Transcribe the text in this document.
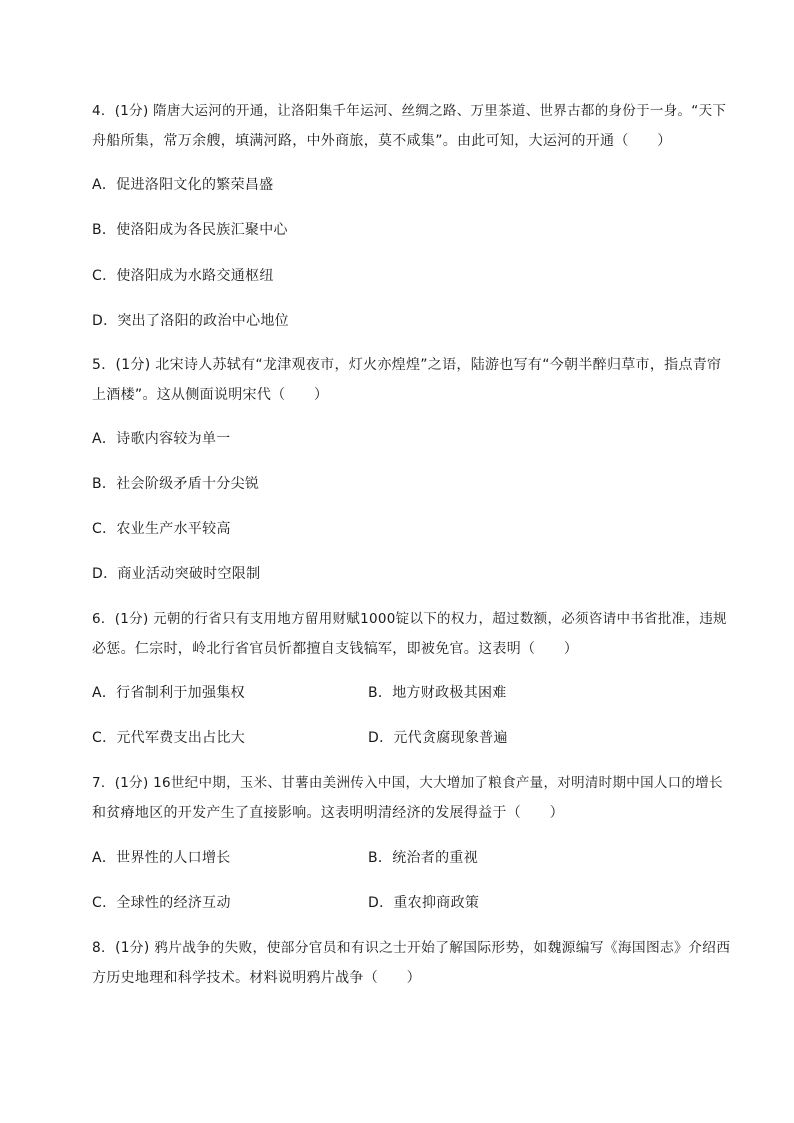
4．(1分) 隋唐大运河的开通，让洛阳集千年运河、丝绸之路、万里茶道、世界古都的身份于一身。“天下
舟船所集，常万余艘，填满河路，中外商旅，莫不咸集”。由此可知，大运河的开通（　　）
A．促进洛阳文化的繁荣昌盛
B．使洛阳成为各民族汇聚中心
C．使洛阳成为水路交通枢纽
D．突出了洛阳的政治中心地位
5．(1分) 北宋诗人苏轼有“龙津观夜市，灯火亦煌煌”之语，陆游也写有“今朝半醉归草市，指点青帘
上酒楼”。这从侧面说明宋代（　　）
A．诗歌内容较为单一
B．社会阶级矛盾十分尖锐
C．农业生产水平较高
D．商业活动突破时空限制
6．(1分) 元朝的行省只有支用地方留用财赋1000锭以下的权力，超过数额，必须咨请中书省批准，违规
必惩。仁宗时，岭北行省官员忻都擅自支钱犒军，即被免官。这表明（　　）
A．行省制利于加强集权	B．地方财政极其困难
C．元代军费支出占比大	D．元代贪腐现象普遍
7．(1分) 16世纪中期，玉米、甘薯由美洲传入中国，大大增加了粮食产量，对明清时期中国人口的增长
和贫瘠地区的开发产生了直接影响。这表明明清经济的发展得益于（　　）
A．世界性的人口增长	B．统治者的重视
C．全球性的经济互动	D．重农抑商政策
8．(1分) 鸦片战争的失败，使部分官员和有识之士开始了解国际形势，如魏源编写《海国图志》介绍西
方历史地理和科学技术。材料说明鸦片战争（　　）
